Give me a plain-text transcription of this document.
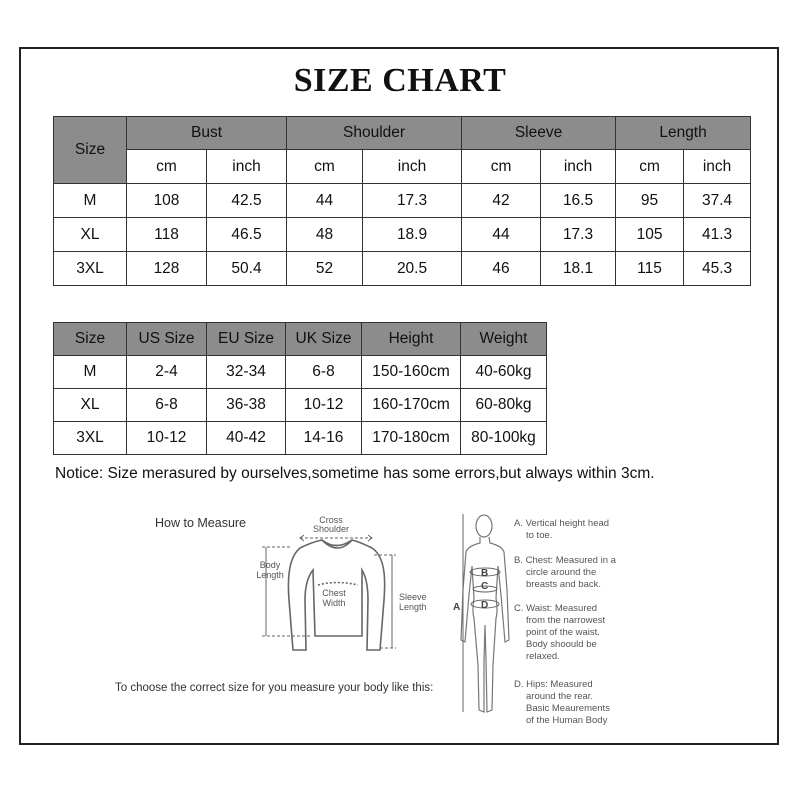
SIZE CHART
Size	Bust		Shoulder		Sleeve		Length	
	cm	inch	cm	inch	cm	inch	cm	inch
M	108	42.5	44	17.3	42	16.5	95	37.4
XL	118	46.5	48	18.9	44	17.3	105	41.3
3XL	128	50.4	52	20.5	46	18.1	115	45.3
Size	US Size	EU Size	UK Size	Height	Weight
M	2-4	32-34	6-8	150-160cm	40-60kg
XL	6-8	36-38	10-12	160-170cm	60-80kg
3XL	10-12	40-42	14-16	170-180cm	80-100kg
Notice: Size merasured by ourselves,sometime has some errors,but always within 3cm.
How to Measure	Cross
Shoulder
Body
Length
Chest
Width
Sleeve
Length
To choose the correct size for you measure your body like this:
A
B
C
D
A. Vertical height head
to toe.
B. Chest: Measured in a
circle around the
breasts and back.
C. Waist: Measured
from the narrowest
point of the waist.
Body shoould be
relaxed.
D. Hips: Measured
around the rear.
Basic Meaurements
of the Human Body
